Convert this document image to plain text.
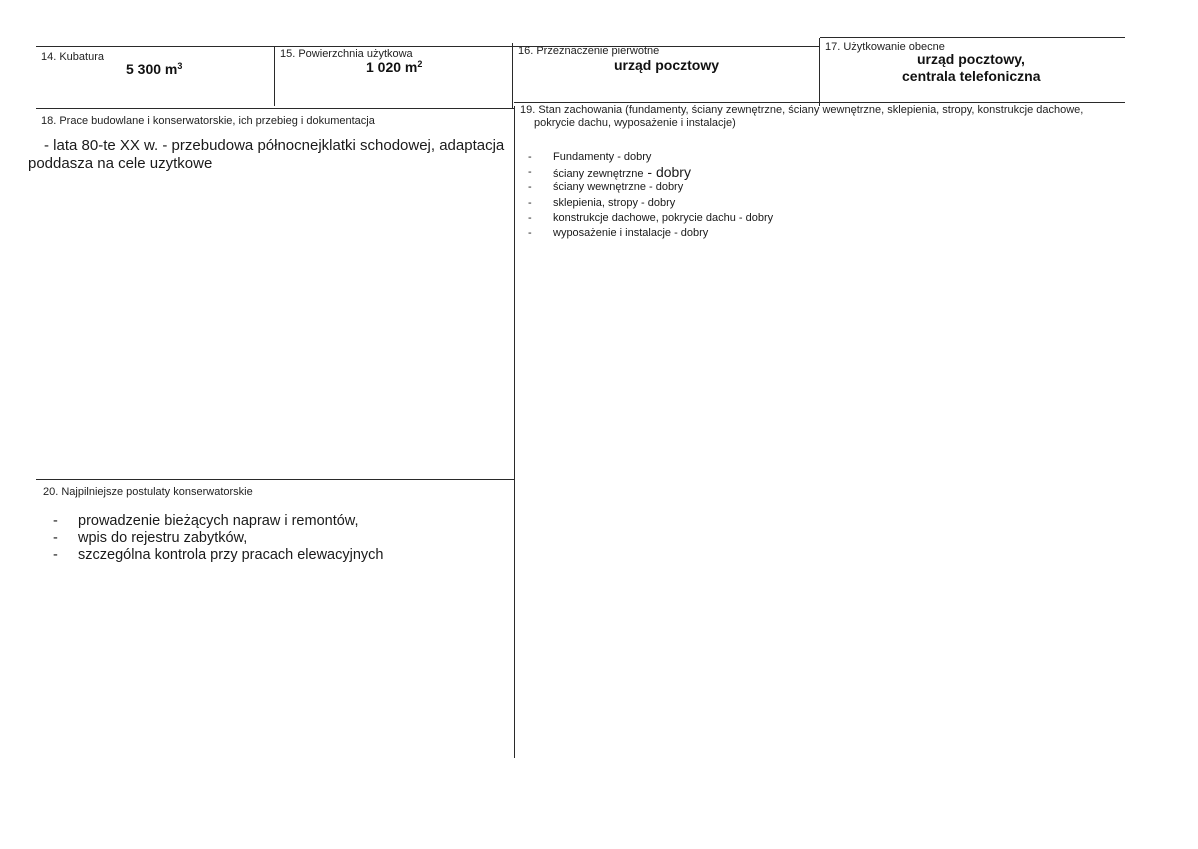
14. Kubatura
5 300 $m^3$
15. Powierzchnia użytkowa
1 020 $m^2$
16. Przeznaczenie pierwotne
urząd pocztowy
17. Użytkowanie obecne
urząd pocztowy,
centrala telefoniczna
18. Prace budowlane i konserwatorskie, ich przebieg i dokumentacja
- lata 80-te XX w. - przebudowa północnejklatki schodowej, adaptacja
poddasza na cele uzytkowe
19. Stan zachowania (fundamenty, ściany zewnętrzne, ściany wewnętrzne, sklepienia, stropy, konstrukcje dachowe,
pokrycie dachu, wyposażenie i instalacje)
- Fundamenty - dobry
- ściany zewnętrzne - dobry
- ściany wewnętrzne - dobry
- sklepienia, stropy - dobry
- konstrukcje dachowe, pokrycie dachu - dobry
- wyposażenie i instalacje - dobry
20. Najpilniejsze postulaty konserwatorskie
- prowadzenie bieżących napraw i remontów,
- wpis do rejestru zabytków,
- szczególna kontrola przy pracach elewacyjnych
